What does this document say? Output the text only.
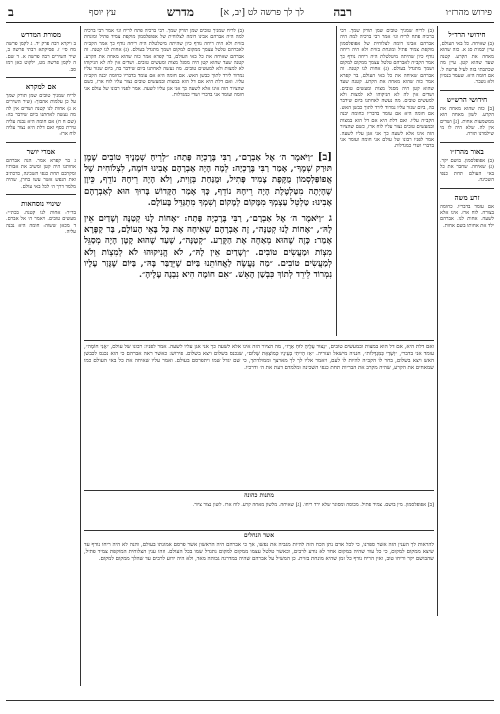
פירוש מהרז״ו
רבה
לך לך פרשה לט [יב, א]
מדרש
עץ יוסף
ב
מסורת המדרש

ב ויקרא רבה פרק יד. ג לקמן פרשה מח סי׳ ז. פסיקתא רבתי פרשה ב, שיר השירים רבה פרשה א. ד שם. ה לקמן פרשה מט, ילקוט כאן רמז סב.

אם למקרא

לריח שמניך טובים שמן תורק שמך על כן עלמות אהבוך: (שיר השירים א ג) אחות לנו קטנה ושדים אין לה מה נעשה לאחתנו ביום שידבר בה: (שם ח ח) אם חומה היא נבנה עליה טירת כסף ואם דלת היא נצור עליה לוח ארז:

אמרי יושר

ג בר קפרא אמר. הנה אברהם אחותנו היה קטן ומשיב את אבותיו ומקרבם תחת כנפי השכינה, כדכתיב ואת הנפש אשר עשו בחרן, שהיה מלמד דרך ה׳ לכל באי עולם.

שינויי נוסחאות

בד״ר: אחות לנו קטנה. בכת״י: מעשים טובים. ויאמר ה׳ אל אברם. ד מכאן ששוה: חומה היא נבנה עליה.

(ב) לריח שמניך טובים שמן תורק שמך. רבי ברכיה פתח לריח וגו׳ אמר רבי ברכיה למה היה אברהם אבינו דומה לצלוחית של אפופלסמון מוקפת צמיד פתיל ומונחת בזוית ולא היה ריחה נודף כיון שהיתה מיטלטלת היה ריחה נודף כך אמר הקב״ה לאברהם טלטל עצמך ממקום למקום ושמך מתגדל בעולם. (ג) אחות לנו קטנה. זה אברהם שאיחה את כל באי העולם, בר קפרא אמר כזה שהוא מאחה את הקרע. קטנה שעד שהוא קטן היה מסגל מצות ומעשים טובים. ושדים אין לה לא הניקוהו לא למצות ולא למעשים טובים. מה נעשה לאחתנו ביום שידבר בה, ביום שגזר עליו נמרוד לירד לתוך כבשן האש. אם חומה היא אם עומד בדבריו כחומה יבנה הקב״ה עליו. ואם דלת היא אם דל הוא במצות ובמעשים טובים נצור עליו לוח ארז, כשם שהציור הזה אינו אלא לשעה כך אני אגן עליו לשעה. אמר לפניו רבונו של עולם אני חומה ועומד אני בדברי ושדי כמגדלות.

[ב] ״וַיֹּאמֶר ה׳ אֶל אַבְרָם״, רַבִּי בֶּרֶכְיָה פָּתַח: ״לְרֵיחַ שְׁמָנֶיךָ טוֹבִים שֶׁמֶן תּוּרַק שְׁמֶךָ״, אָמַר רַבִּי בֶּרֶכְיָה: לְמָה הָיָה אַבְרָהָם אָבִינוּ דּוֹמֶה, לִצְלוֹחִית שֶׁל אֲפוֹפַּלְסְמוֹן מֻקֶּפֶת צָמִיד פָּתִיל, וּמֻנַּחַת בְּזָוִית, וְלֹא הָיָה רֵיחָהּ נוֹדֵף, כֵּיוָן שֶׁהָיְתָה מִטַּלְטֶלֶת הָיָה רֵיחָהּ נוֹדֵף, כָּךְ אָמַר הַקָּדוֹשׁ בָּרוּךְ הוּא לְאַבְרָהָם אָבִינוּ: טַלְטֵל עַצְמְךָ מִמָּקוֹם לְמָקוֹם וְשִׁמְךָ מִתְגַּדֵּל בָּעוֹלָם.

ג ״וַיֹּאמֶר ה׳ אֶל אַבְרָם״, רַבִּי בֶּרֶכְיָה פָּתַח: ״אָחוֹת לָנוּ קְטַנָּה וְשָׁדַיִם אֵין לָהּ״, ״אָחוֹת לָנוּ קְטַנָּה״, זֶה אַבְרָהָם שֶׁאִיחָה אֶת כָּל בָּאֵי הָעוֹלָם, בַּר קַפָּרָא אָמַר: כָּזֶה שֶׁהוּא מְאַחֶה אֶת הַקֶּרַע. ״קְטַנָּה״, שֶׁעַד שֶׁהוּא קָטָן הָיָה מְסַגֵּל מִצְוֹת וּמַעֲשִׂים טוֹבִים. ״וְשָׁדַיִם אֵין לָהּ״, לֹא הֱנִיקוּהוּ לֹא לְמִצְוֹת וְלֹא לְמַעֲשִׂים טוֹבִים. ״מַה נַּעֲשֶׂה לַאֲחוֹתֵנוּ בַּיּוֹם שֶׁיְּדֻבַּר בָּהּ״, בַּיּוֹם שֶׁגָּזַר עָלָיו נִמְרוֹד לֵירֵד לְתוֹךְ כִּבְשַׁן הָאֵשׁ. ״אִם חוֹמָה הִיא נִבְנֶה עָלֶיהָ״.

(ב) לריח שמניך טובים שמן תורק שמך. רבי ברכיה פתח לריח וגו׳ אמר רבי ברכיה למה היה אברהם אבינו דומה לצלוחית של אפופלסמון מוקפת צמיד פתיל ומונחת בזוית ולא היה ריחה נודף כיון שהיתה מיטלטלת היה ריחה נודף כך אמר הקב״ה לאברהם טלטל עצמך ממקום למקום ושמך מתגדל בעולם. (ג) אחות לנו קטנה. זה אברהם שאיחה את כל באי העולם, בר קפרא אמר כזה שהוא מאחה את הקרע. קטנה שעד שהוא קטן היה מסגל מצות ומעשים טובים. ושדים אין לה לא הניקוהו לא למצות ולא למעשים טובים. מה נעשה לאחתנו ביום שידבר בה, ביום שגזר עליו נמרוד לירד לתוך כבשן האש. אם חומה היא אם עומד בדבריו כחומה יבנה הקב״ה עליו. ואם דלת היא אם דל הוא במצות ובמעשים טובים נצור עליו לוח ארז, כשם שהציור הזה אינו אלא לשעה כך אני אגן עליו לשעה. אמר לפניו רבונו של עולם אני חומה ועומד אני בדברי ושדי כמגדלות.

חידושי הרד״ל

(ב) שאיחה. כל באי העולם, עיין יבמות סג א. כזה שהוא מאחה את הקרע. קטנה שעד שהוא קטן. עיין מה שכתבתי בזה לעיל פרשה ל. אם חומה היא. שעמד בנסיון ולא נשבר.

חידושי הרש״ש

[ב] כזה שהוא מאחה את הקרע. לשון מאחה הוא ממשמעות אחות. [ג] ושדים אין לה. שלא היה לו מי שילמדנו תורה.

באור מהרז״ו

(ב) אפופלסמון. בושם יקר. (ג) שאיחה. שחבר את כל באי העולם תחת כנפי השכינה.

זרע משה

אם עומד בדבריו. כחומה בצורה. לוח ארז. אינו אלא לשעה. אחות לנו. אברהם ילד את אחותו בשם אחות.

ואם דלת היא, אם דל הוא במצות ובמעשים טובים, ״נָצוּר עָלֶיהָ לוּחַ אָרֶז״, מה הציור הזה אינו אלא לשעה כך אני אגן עליו לשעה. אמר לפניו: רבונו של עולם, ״אֲנִי חוֹמָה״, עומד אני בדברי, ״וְשָׁדַי כַּמִּגְדָּלוֹת״, חנניה מישאל ועזריה. ״אָז הָיִיתִי בְעֵינָיו כְּמוֹצְאֵת שָׁלוֹם״, שנכנס בשלום ויצא בשלום. פירוש: כאשר ראה אברהם כי הוא נכנס לכבשן האש ויצא בשלום, בחר לו הקב״ה להיות לו לעם, ויאמר אליו לך לך מארצך וממולדתך, כי שם יגדל שמו ויתפרסם בעולם. ואמר עליו שאיחה את כל באי העולם כמו שמאחים את הקרע, שהיה מקרב את הבריות תחת כנפי השכינה ומלמדם דעת את ה׳ ודרכיו.

מתנות כהונה
[ב] אפופלסמון. מין בושם. צמיד פתיל. מכוסה ומסוגר שלא ירד ריחו. [ג] שאיחה. מלשון מאחה קרע. לוח ארז. לשון נצור ציור.
אשד הנחלים
להראות לך הענין הזה אשר ספרנו, כי לכל אדם נתן הכח הזה להיות מגביה את נפשו, אך כי אברהם היה הראשון אשר פרסם אמונתו בעולם, והנה לא היה ריחו נודף עד שיצא ממקום למקום, כי כל עוד שהיה במקום אחד לא נודע לרבים, וכאשר טלטל עצמו ממקום למקום נתגדל שמו בכל העולם. וזהו ענין הצלוחית המוקפת צמיד פתיל, שהבושם יקר וריחו טוב, ואין הריח נודף כל זמן שהיא מונחת בזוית. כן המשיל על אברהם שהיה במדרגה גבוהה מאד, ולא היה ידוע לרבים עד שהלך ממקום למקום.
